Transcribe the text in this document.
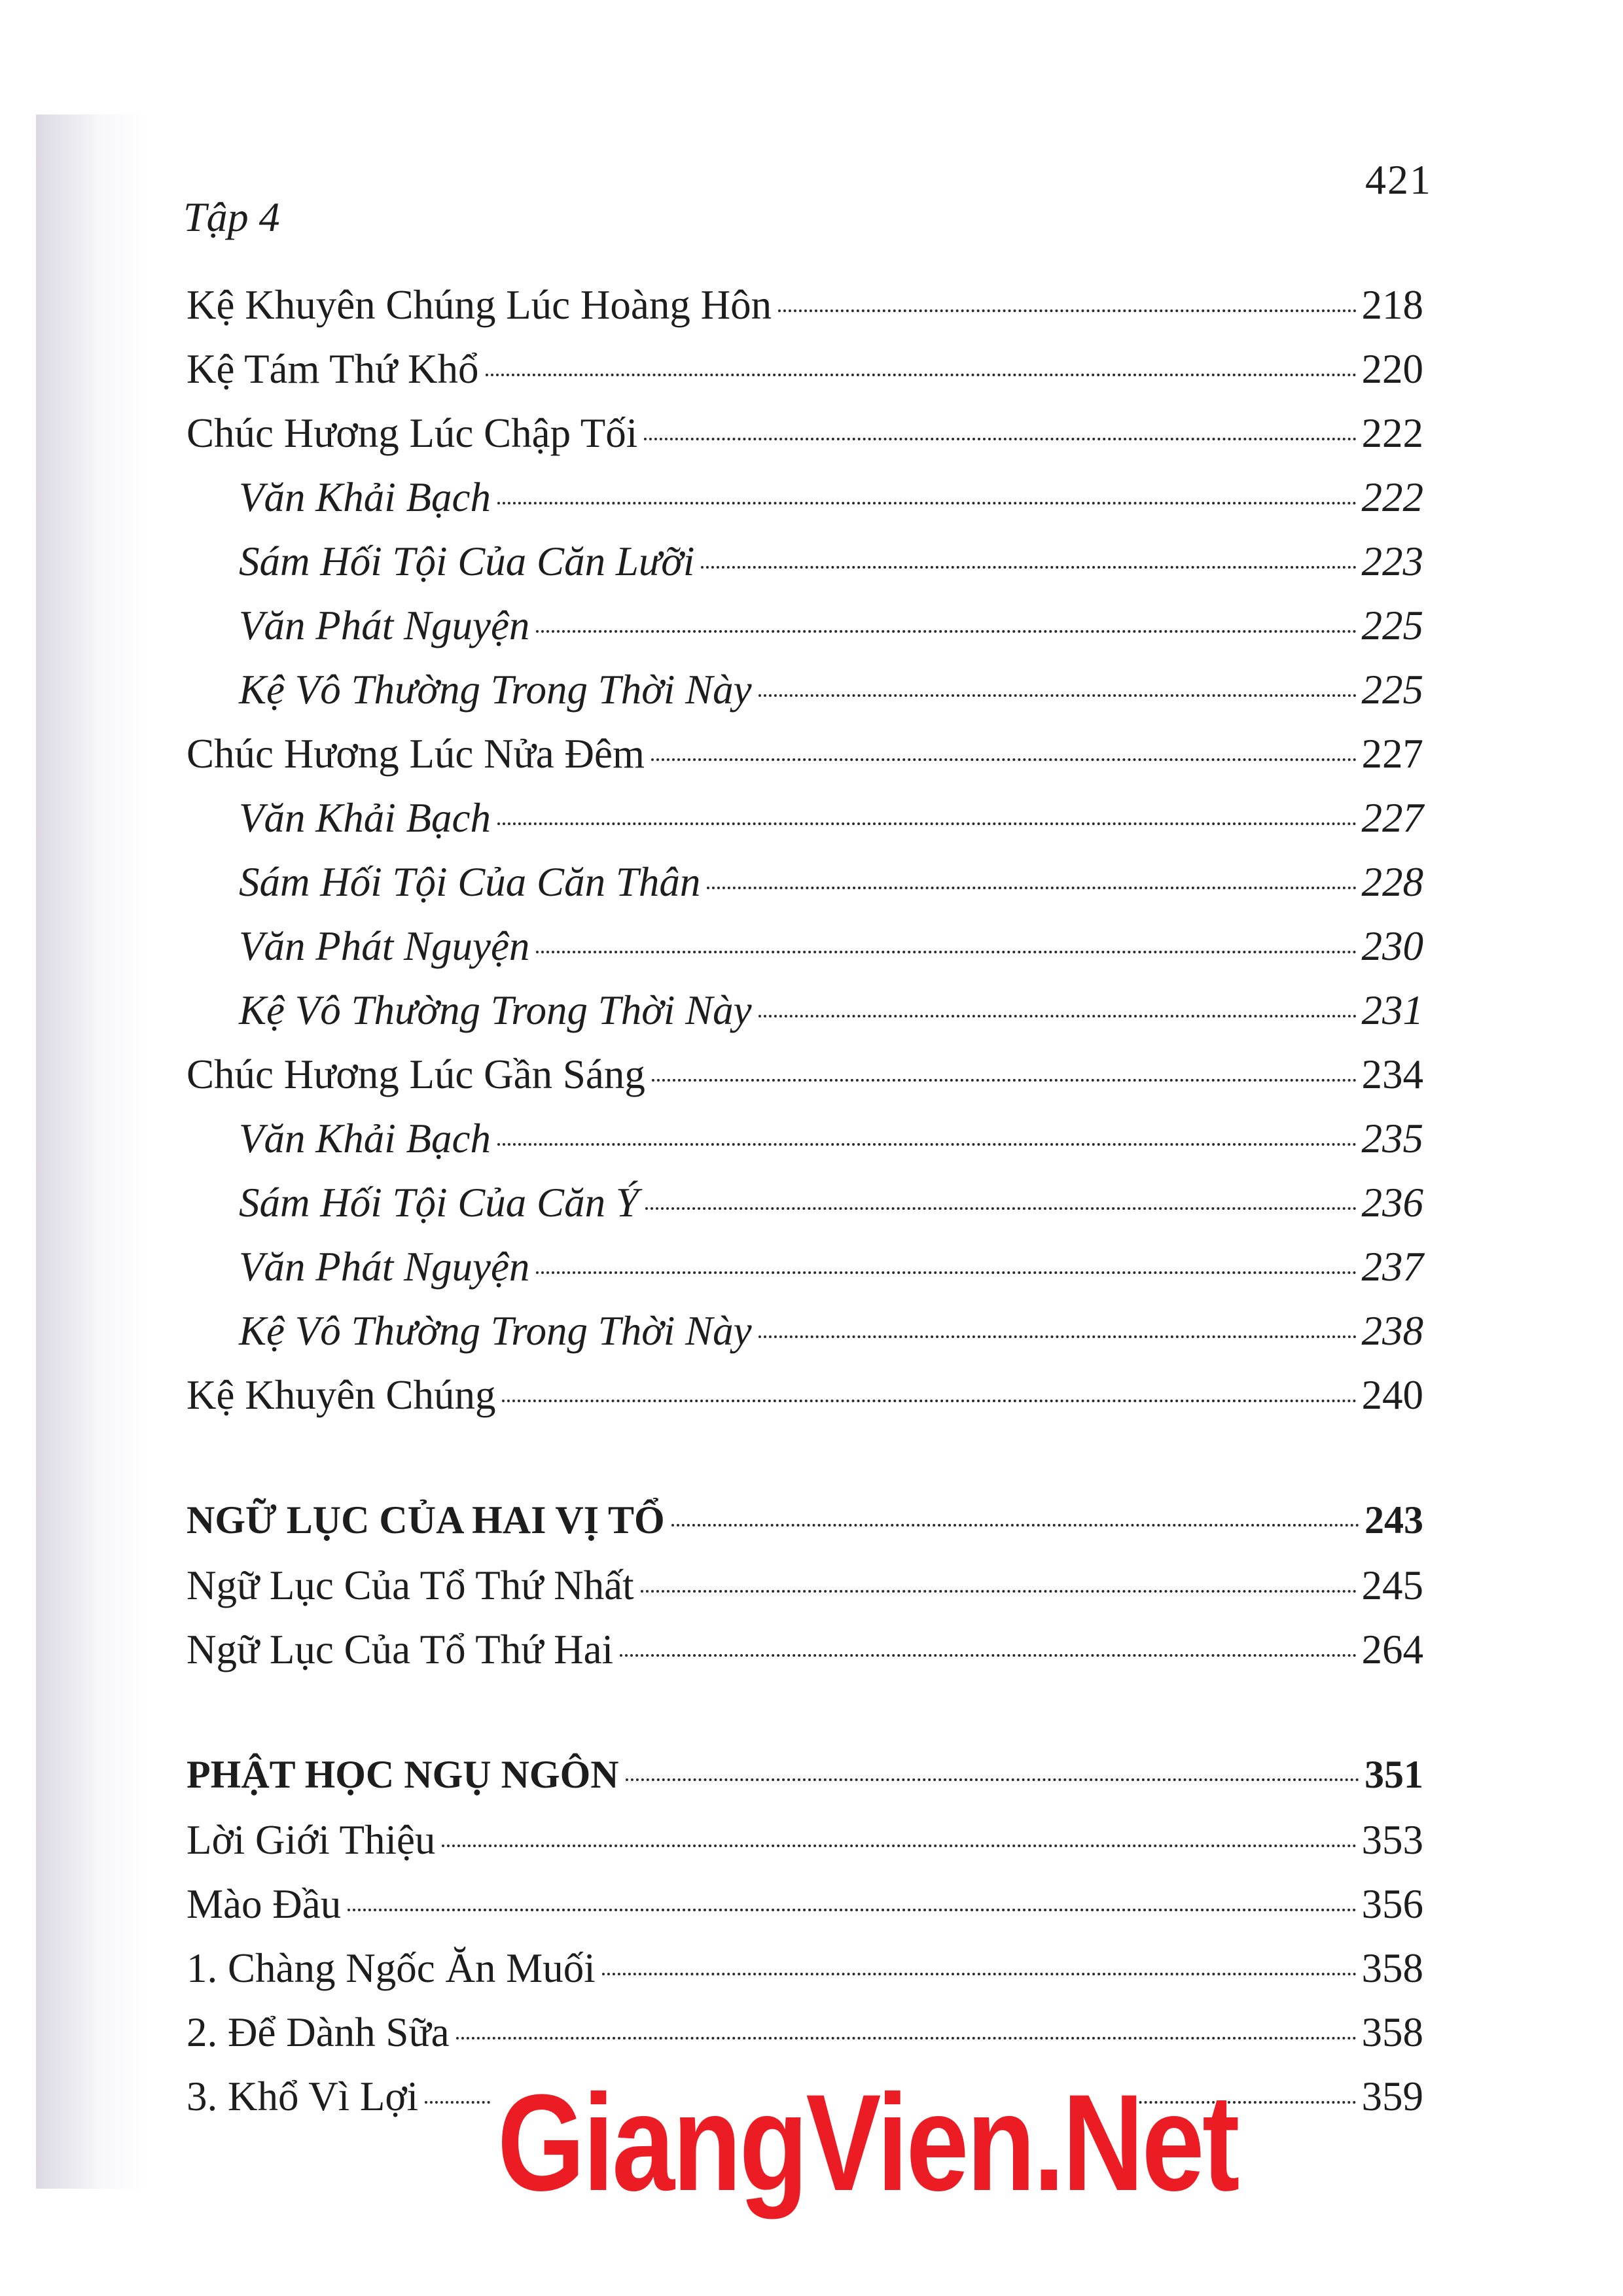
421
Tập 4
Kệ Khuyên Chúng Lúc Hoàng Hôn	218
Kệ Tám Thứ Khổ	220
Chúc Hương Lúc Chập Tối	222
Văn Khải Bạch	222
Sám Hối Tội Của Căn Lưỡi	223
Văn Phát Nguyện	225
Kệ Vô Thường Trong Thời Này	225
Chúc Hương Lúc Nửa Đêm	227
Văn Khải Bạch	227
Sám Hối Tội Của Căn Thân	228
Văn Phát Nguyện	230
Kệ Vô Thường Trong Thời Này	231
Chúc Hương Lúc Gần Sáng	234
Văn Khải Bạch	235
Sám Hối Tội Của Căn Ý	236
Văn Phát Nguyện	237
Kệ Vô Thường Trong Thời Này	238
Kệ Khuyên Chúng	240
NGỮ LỤC CỦA HAI VỊ TỔ	243
Ngữ Lục Của Tổ Thứ Nhất	245
Ngữ Lục Của Tổ Thứ Hai	264
PHẬT HỌC NGỤ NGÔN	351
Lời Giới Thiệu	353
Mào Đầu	356
1. Chàng Ngốc Ăn Muối	358
2. Để Dành Sữa	358
3. Khổ Vì Lợi	359
GiangVien.Net
